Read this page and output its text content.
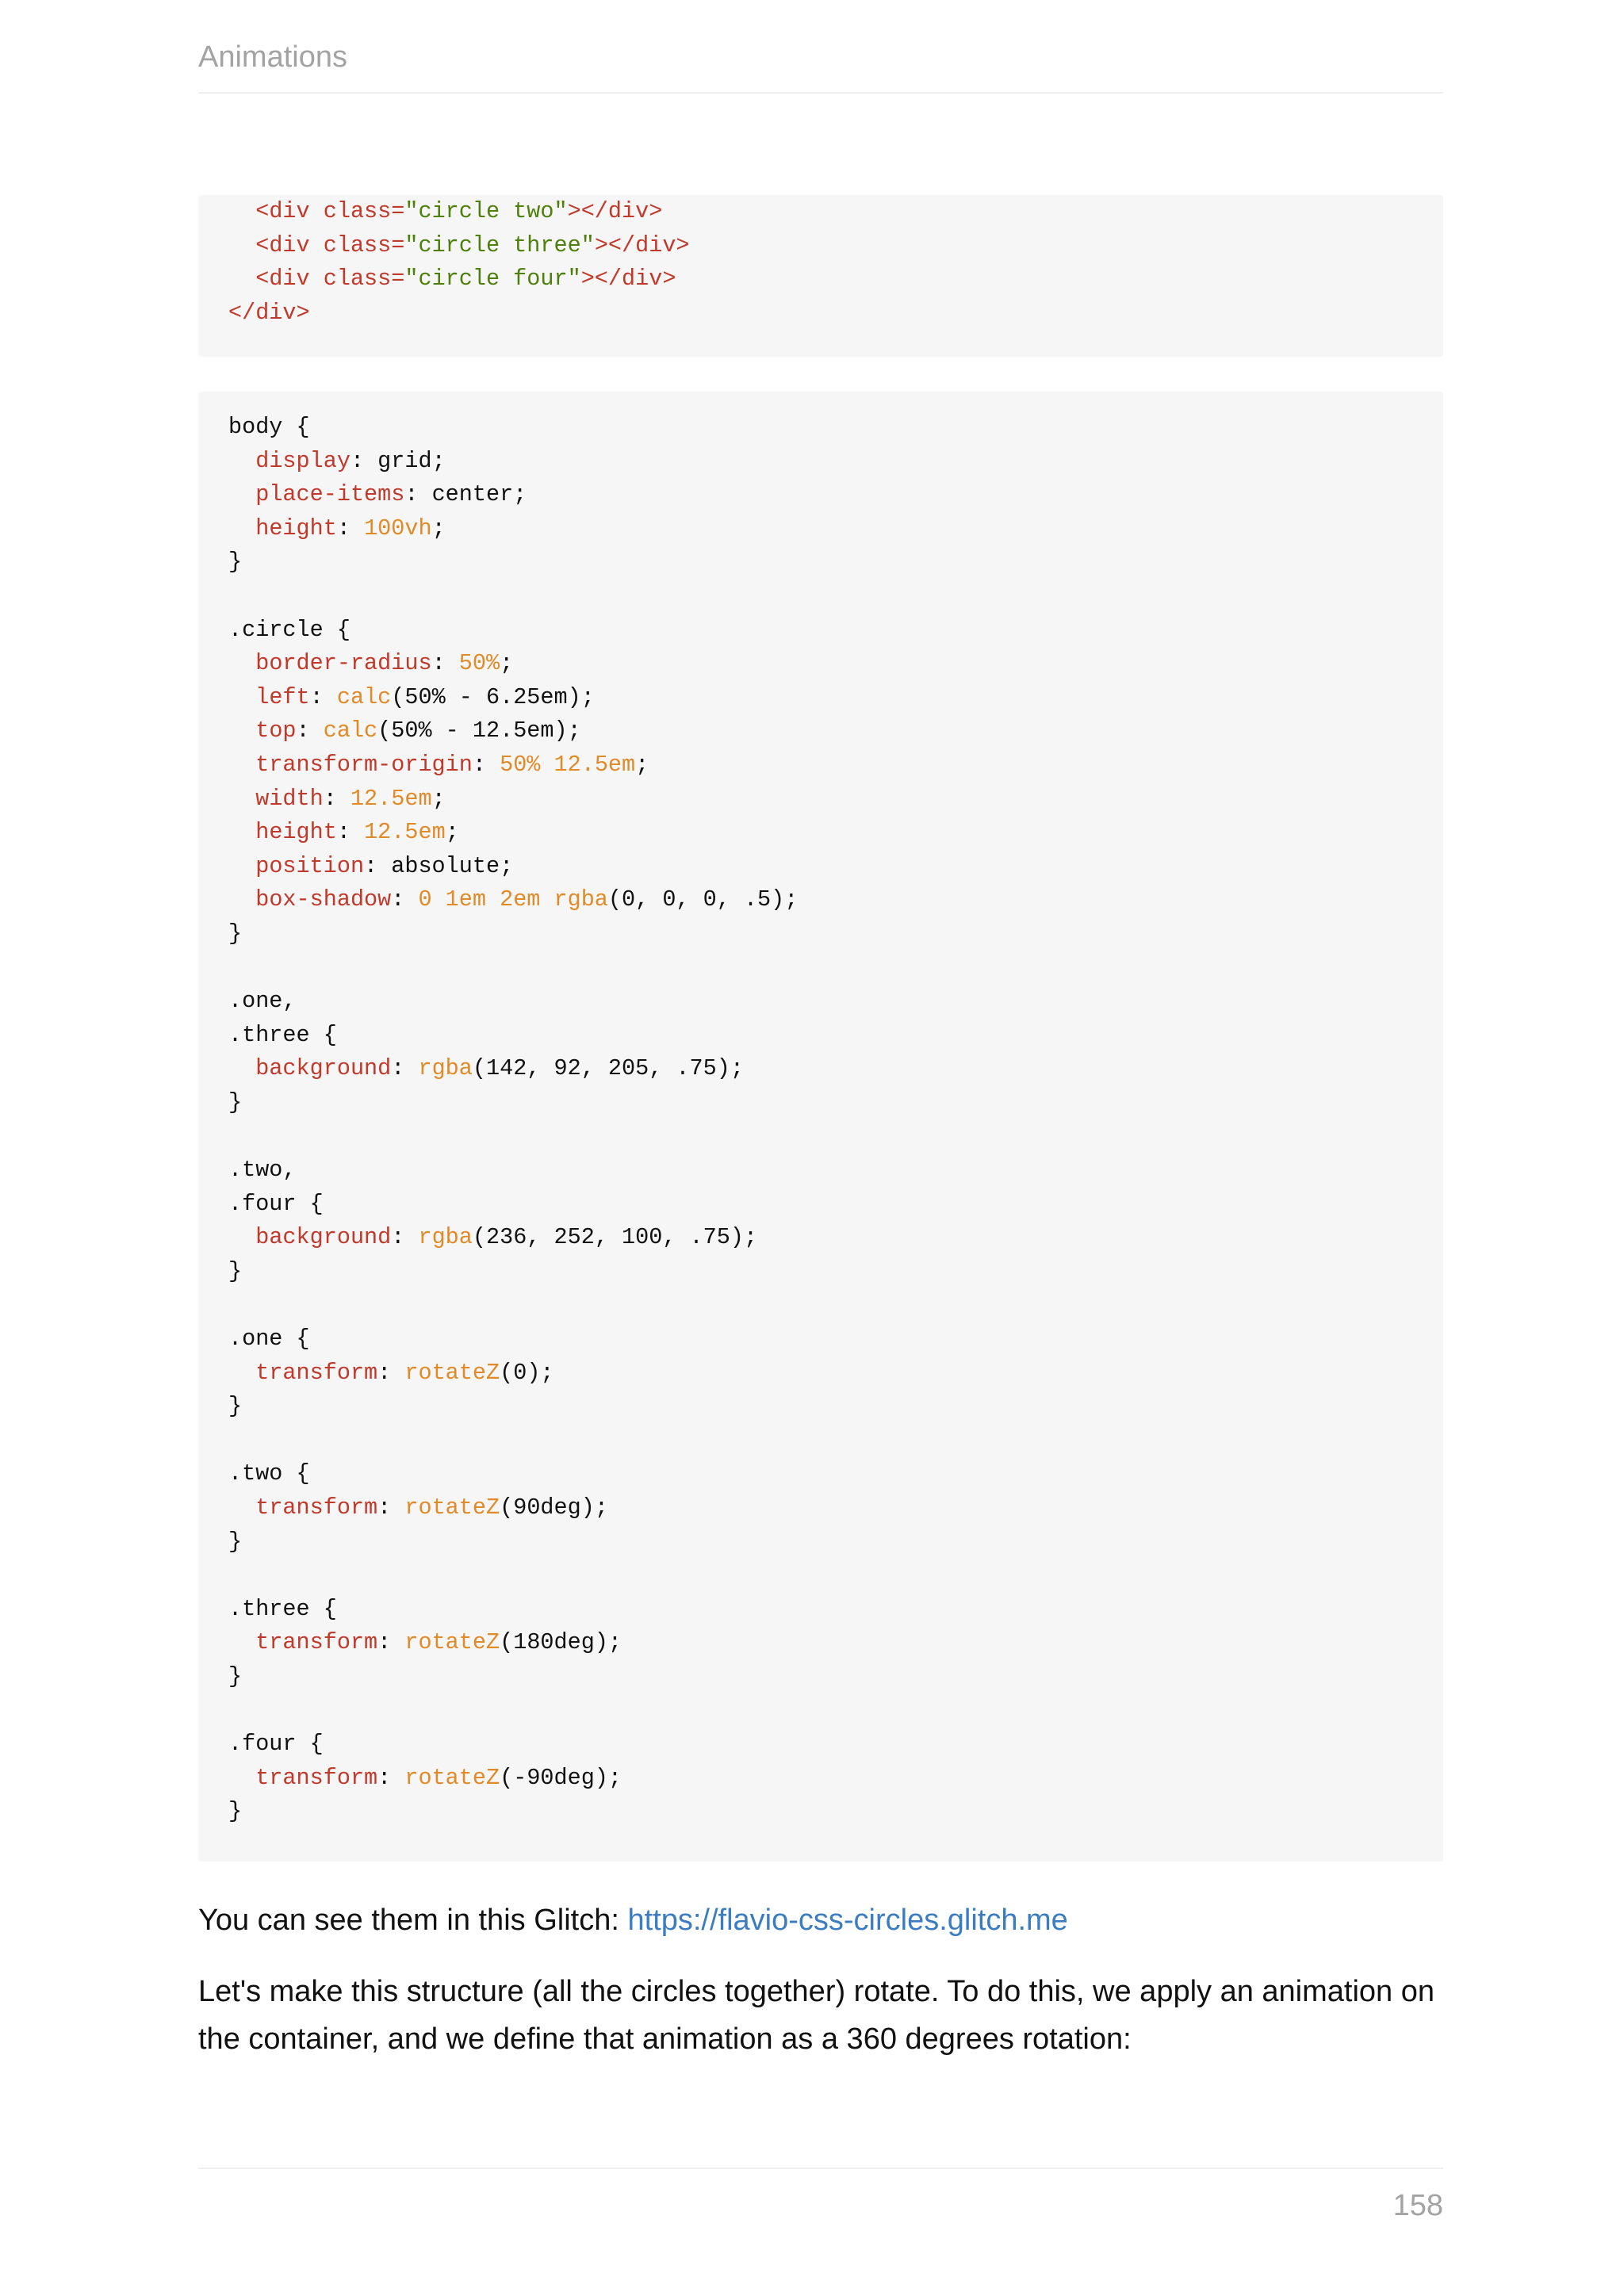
Animations
<div class="circle two"></div>
<div class="circle three"></div>
<div class="circle four"></div>
</div>
body {
display: grid;
place-items: center;
height: 100vh;
}

.circle {
border-radius: 50%;
left: calc(50% - 6.25em);
top: calc(50% - 12.5em);
transform-origin: 50% 12.5em;
width: 12.5em;
height: 12.5em;
position: absolute;
box-shadow: 0 1em 2em rgba(0, 0, 0, .5);
}

.one,
.three {
background: rgba(142, 92, 205, .75);
}

.two,
.four {
background: rgba(236, 252, 100, .75);
}

.one {
transform: rotateZ(0);
}

.two {
transform: rotateZ(90deg);
}

.three {
transform: rotateZ(180deg);
}

.four {
transform: rotateZ(-90deg);
}

You can see them in this Glitch: https://flavio-css-circles.glitch.me

Let's make this structure (all the circles together) rotate. To do this, we apply an animation on
the container, and we define that animation as a 360 degrees rotation:

158
